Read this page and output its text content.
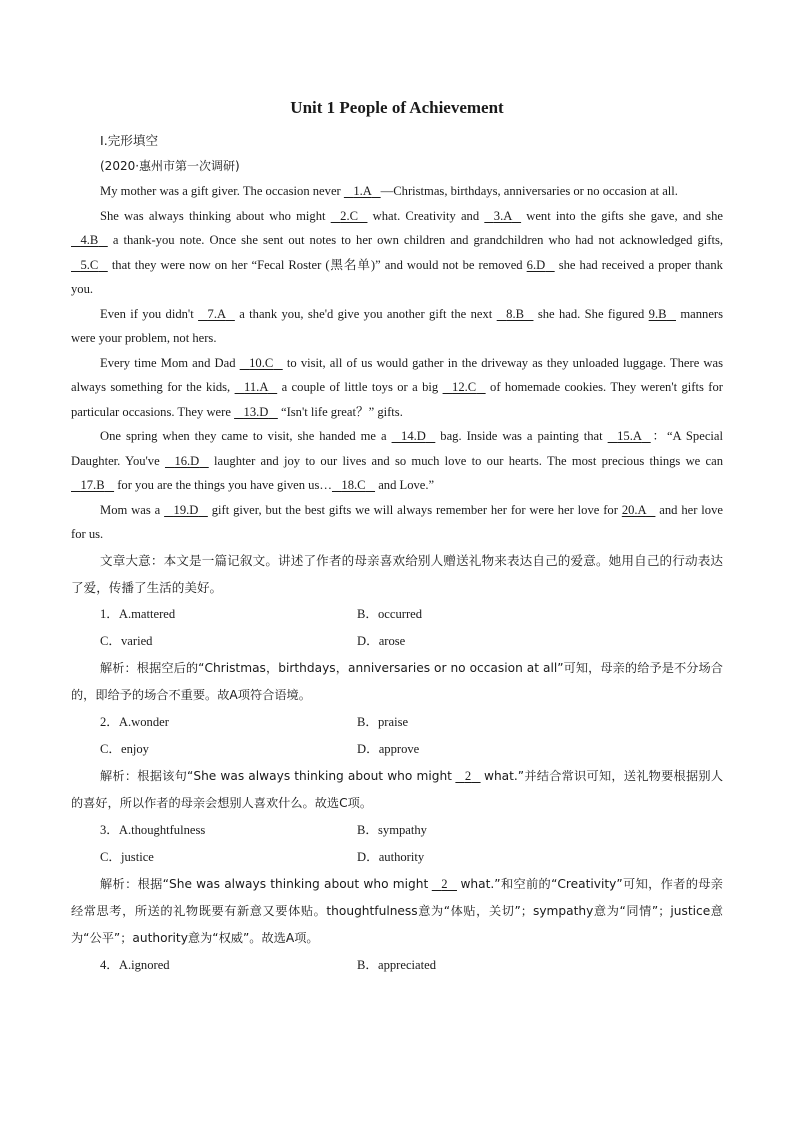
Unit 1 People of Achievement
Ⅰ.完形填空
(2020·惠州市第一次调研)
My mother was a gift giver. The occasion never 1.A —Christmas, birthdays, anniversaries or no occasion at all.
She was always thinking about who might 2.C what. Creativity and 3.A went into the gifts she gave, and she    4.B a thank-you note. Once she sent out notes to her own children and grandchildren who had not acknowledged gifts,    5.C that they were now on her “Fecal Roster (黑名单)” and would not be removed 6.D she had received a proper thank you.
Even if you didn't 7.A a thank you, she'd give you another gift the next 8.B she had. She figured 9.B manners were your problem, not hers.
Every time Mom and Dad 10.C to visit, all of us would gather in the driveway as they unloaded luggage. There was always something for the kids, 11.A a couple of little toys or a big 12.C of homemade cookies. They weren't gifts for particular occasions. They were 13.D “Isn't life great？” gifts.
One spring when they came to visit, she handed me a 14.D bag. Inside was a painting that 15.A ：“A Special Daughter. You've 16.D laughter and joy to our lives and so much love to our hearts. The most precious things we can    17.B for you are the things you have given us… 18.C and Love.”
Mom was a 19.D gift giver, but the best gifts we will always remember her for were her love for 20.A and her love for us.
文章大意：本文是一篇记叙文。讲述了作者的母亲喜欢给别人赠送礼物来表达自己的爱意。她用自己的行动表达了爱，传播了生活的美好。
1．A.mattered	B．occurred
C．varied	D．arose
解析：根据空后的“Christmas，birthdays，anniversaries or no occasion at all”可知，母亲的给予是不分场合的，即给予的场合不重要。故A项符合语境。
2．A.wonder	B．praise
C．enjoy	D．approve
解析：根据该句“She was always thinking about who might 2 what.”并结合常识可知，送礼物要根据别人的喜好，所以作者的母亲会想别人喜欢什么。故选C项。
3．A.thoughtfulness	B．sympathy
C．justice	D．authority
解析：根据“She was always thinking about who might 2 what.”和空前的“Creativity”可知，作者的母亲经常思考，所送的礼物既要有新意又要体贴。thoughtfulness意为“体贴，关切”；sympathy意为“同情”；justice意为“公平”；authority意为“权威”。故选A项。
4．A.ignored	B．appreciated
